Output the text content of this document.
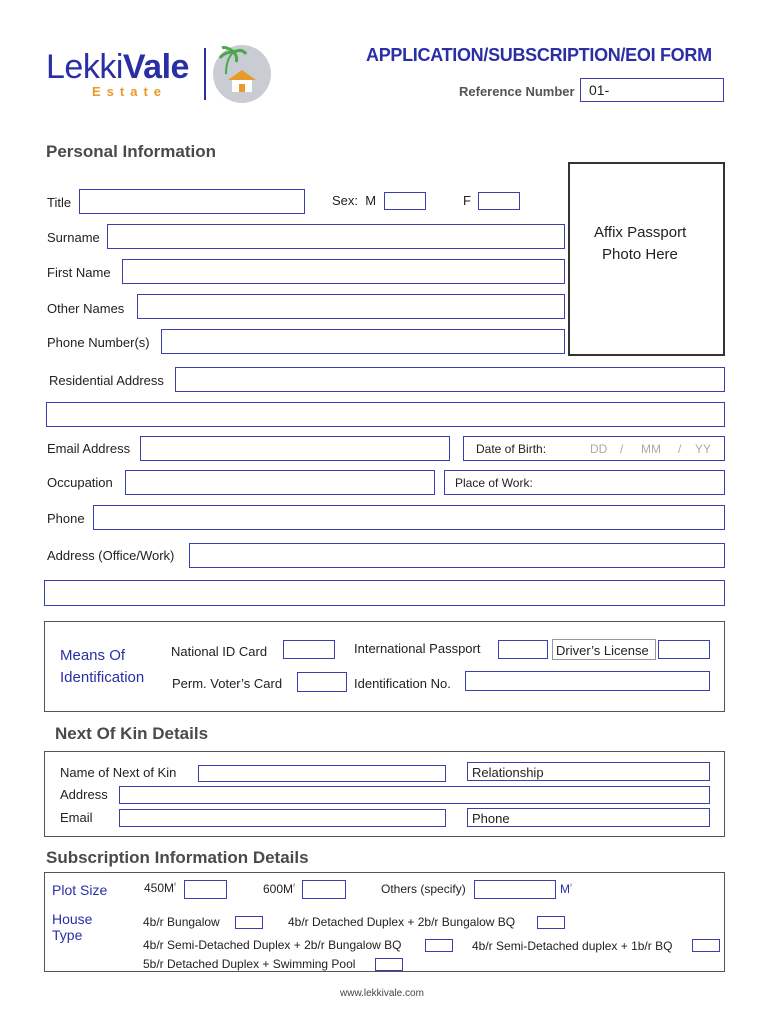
LekkiVale
Estate
APPLICATION/SUBSCRIPTION/EOI FORM
Reference Number 01-
Personal Information
Title	Sex: M	F
Affix Passport
Photo Here
Surname
First Name
Other Names
Phone Number(s)
Residential Address
Email Address	Date of Birth:	DD / MM / YY
Occupation	Place of Work:
Phone
Address (Office/Work)
Means Of
Identification
National ID Card	International Passport	Driver’s License
Perm. Voter’s Card	Identification No.
Next Of Kin Details
Name of Next of Kin	Relationship
Address
Email	Phone
Subscription Information Details
Plot Size	$450M^{^2}$	$600M^{^2}$	Others (specify)	$M^{^2}$
House
Type
4b/r Bungalow	4b/r Detached Duplex + 2b/r Bungalow BQ
4b/r Semi-Detached Duplex + 2b/r Bungalow BQ	4b/r Semi-Detached duplex + 1b/r BQ
5b/r Detached Duplex + Swimming Pool
www.lekkivale.com
